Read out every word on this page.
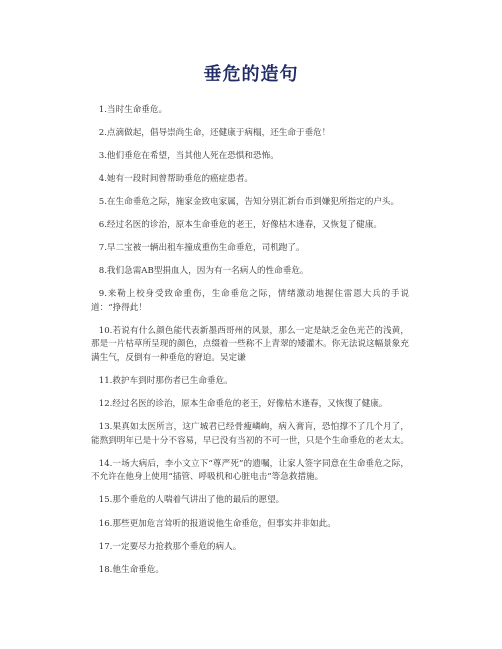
垂危的造句

1.当时生命垂危。

2.点滴做起，倡导崇尚生命，还健康于病榻，还生命于垂危！

3.他们垂危在希望，当其他人死在恐惧和恐怖。

4.她有一段时间曾帮助垂危的癌症患者。

5.在生命垂危之际，施家金致电家属，告知分别汇新台币到嫌犯所指定的户头。

6.经过名医的诊治，原本生命垂危的老王，好像枯木逢春，又恢复了健康。

7.早二宝被一辆出租车撞成重伤生命垂危，司机跑了。

8.我们急需AB型捐血人，因为有一名病人的性命垂危。

9.来勒上校身受致命重伤，生命垂危之际，情绪激动地握住雷恩大兵的手说道：“挣得此！

10.若说有什么颜色能代表新墨西哥州的风景，那么一定是缺乏金色光芒的浅黄，那是一片枯草所呈现的颜色，点缀着一些称不上青翠的矮灌木。你无法说这幅景象充满生气，反倒有一种垂危的窘迫。吴定谦

11.救护车到时那伤者已生命垂危。

12.经过名医的诊治，原本生命垂危的老王，好像枯木逢春，又恢復了健康。

13.果真如太医所言，这广城君已经骨瘦嶙峋，病入膏肓，恐怕撑不了几个月了，能熬到明年已是十分不容易，早已没有当初的不可一世，只是个生命垂危的老太太。

14.一场大病后，李小文立下“尊严死”的遗嘱，让家人签字同意在生命垂危之际，不允许在他身上使用“插管、呼吸机和心脏电击”等急救措施。

15.那个垂危的人喘着气讲出了他的最后的愿望。

16.那些更加危言耸听的报道说他生命垂危，但事实并非如此。

17.一定要尽力抢救那个垂危的病人。

18.他生命垂危。
